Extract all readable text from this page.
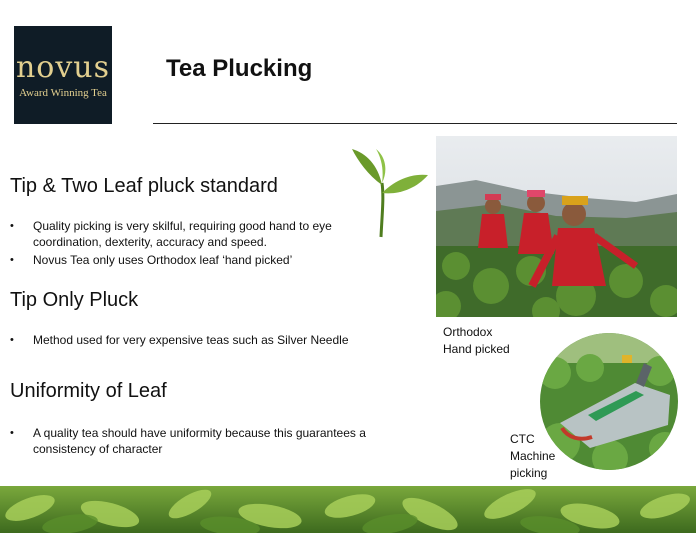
novus
Award Winning Tea
Tea Plucking
Tip & Two Leaf pluck standard
• Quality picking is very skilful, requiring good hand to eye coordination, dexterity, accuracy and speed.
• Novus Tea only uses Orthodox leaf ‘hand picked’
Tip Only Pluck
• Method used for very expensive teas such as Silver Needle
Uniformity of Leaf
• A quality tea should have uniformity because this guarantees a consistency of character
Orthodox
Hand picked
CTC
Machine
picking
